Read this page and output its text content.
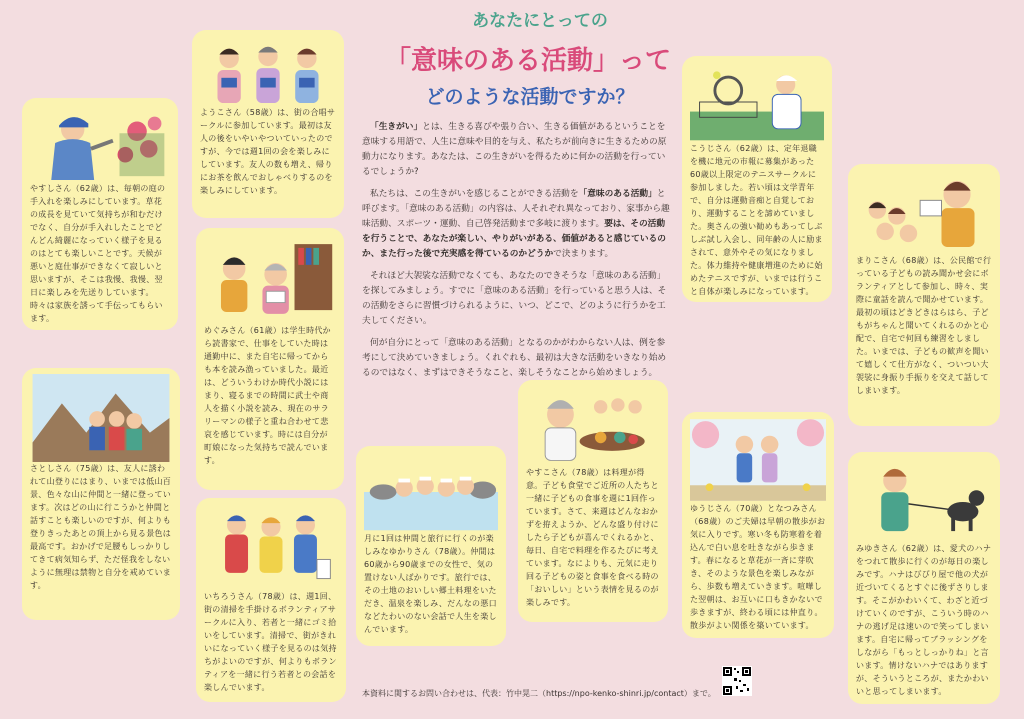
あなたにとっての
「意味のある活動」って
どのような活動ですか？

「生きがい」とは、生きる喜びや張り合い、生きる価値があるということを意味する用語で、人生に意味や目的を与え、私たちが前向きに生きるための原動力になります。あなたは、この生きがいを得るために何かの活動を行っているでしょうか?

私たちは、この生きがいを感じることができる活動を「意味のある活動」と呼びます。「意味のある活動」の内容は、人それぞれ異なっており、家事から趣味活動、スポーツ・運動、自己啓発活動まで多岐に渡ります。要は、その活動を行うことで、あなたが楽しい、やりがいがある、価値があると感じているのか、また行った後で充実感を得ているのかどうかで決まります。

それほど大袈裟な活動でなくても、あなたのできそうな「意味のある活動」を探してみましょう。すでに「意味のある活動」を行っていると思う人は、その活動をさらに習慣づけられるように、いつ、どこで、どのように行うかを工夫してください。

何が自分にとって「意味のある活動」となるのかがわからない人は、例を参考にして決めていきましょう。くれぐれも、最初は大きな活動をいきなり始めるのではなく、まずはできそうなこと、楽しそうなことから始めましょう。

やすしさん（62歳）は、毎朝の庭の手入れを楽しみにしています。草花の成長を見ていて気持ちが和むだけでなく、自分が手入れしたことでどんどん綺麗になっていく様子を見るのはとても楽しいことです。天候が悪いと庭仕事ができなくて寂しいと思いますが、そこは我慢、我慢、翌日に楽しみを先送りしています。時々は家族を誘って手伝ってもらいます。

ようこさん（58歳）は、街の合唱サークルに参加しています。最初は友人の後をいやいやついていったのですが、今では週1回の会を楽しみにしています。友人の数も増え、帰りにお茶を飲んでおしゃべりするのを楽しみにしています。

めぐみさん（61歳）は学生時代から読書家で、仕事をしていた時は通勤中に、また自宅に帰ってからも本を読み漁っていました。最近は、どういうわけか時代小説にはまり、寝るまでの時間に武士や商人を描く小説を読み、現在のサラリーマンの様子と重ね合わせて悲哀を感じています。時には自分が町娘になった気持ちで読んでいます。

さとしさん（75歳）は、友人に誘われて山登りにはまり、いまでは低山百景、色々な山に仲間と一緒に登っています。次はどの山に行こうかと仲間と話すことも楽しいのですが、何よりも登りきったあとの頂上から見る景色は最高です。おかげで足腰もしっかりしてきて病気知らず、ただ怪我をしないように無理は禁物と自分を戒めています。

いちろうさん（78歳）は、週1回、街の清掃を手掛けるボランティアサークルに入り、若者と一緒にゴミ拾いをしています。清掃で、街がきれいになっていく様子を見るのは気持ちがよいのですが、何よりもボランティアを一緒に行う若者との会話を楽しんでいます。

月に1回は仲間と旅行に行くのが楽しみなゆかりさん（78歳）。仲間は60歳から90歳までの女性で、気の置けない人ばかりです。旅行では、その土地のおいしい郷土料理をいただき、温泉を楽しみ、だんなの悪口などたわいのない会話で人生を楽しんでいます。

やすこさん（78歳）は料理が得意。子ども食堂でご近所の人たちと一緒に子どもの食事を週に1回作っています。さて、来週はどんなおかずを拵えようか、どんな盛り付けにしたら子どもが喜んでくれるかと、毎日、自宅で料理を作るたびに考えています。なによりも、元気に走り回る子どもの姿と食事を食べる時の「おいしい」という表情を見るのが楽しみです。

こうじさん（62歳）は、定年退職を機に地元の市報に募集があった60歳以上限定のテニスサークルに参加しました。若い頃は文学青年で、自分は運動音痴と自覚しており、運動することを諦めていました。奥さんの強い勧めもあってしぶしぶ試し入会し、同年齢の人に励まされて、意外やその気になりました。体力維持や健康増進のために始めたテニスですが、いまでは行うこと自体が楽しみになっています。

まりこさん（68歳）は、公民館で行っている子どもの読み聞かせ会にボランティアとして参加し、時々、実際に童話を読んで聞かせています。最初の頃はどきどきはらはら、子どもがちゃんと聞いてくれるのかと心配で、自宅で何回も練習をしました。いまでは、子どもの歓声を聞いて嬉しくて仕方がなく、ついつい大袈裟に身振り手振りを交えて話してしまいます。

ゆうじさん（70歳）となつみさん（68歳）のご夫婦は早朝の散歩がお気に入りです。寒い冬も防寒着を着込んで白い息を吐きながら歩きます。春になると草花が一斉に芽吹き、そのような景色を楽しみながら、歩数も増えていきます。喧嘩した翌朝は、お互いに口もきかないで歩きますが、終わる頃には仲直り。散歩がよい関係を築いています。

みゆきさん（62歳）は、愛犬のハナをつれて散歩に行くのが毎日の楽しみです。ハナはびびり屋で他の犬が近づいてくるとすぐに後ずさりします。そこがかわいくて、わざと近づけていくのですが、こういう時のハナの逃げ足は速いので笑ってしまいます。自宅に帰ってブラッシングをしながら「もっとしっかりね」と言います。情けないハナではありますが、そういうところが、またかわいいと思ってしまいます。

本資料に関するお問い合わせは、代表：竹中晃二（https://npo-kenko-shinri.jp/contact）まで。
